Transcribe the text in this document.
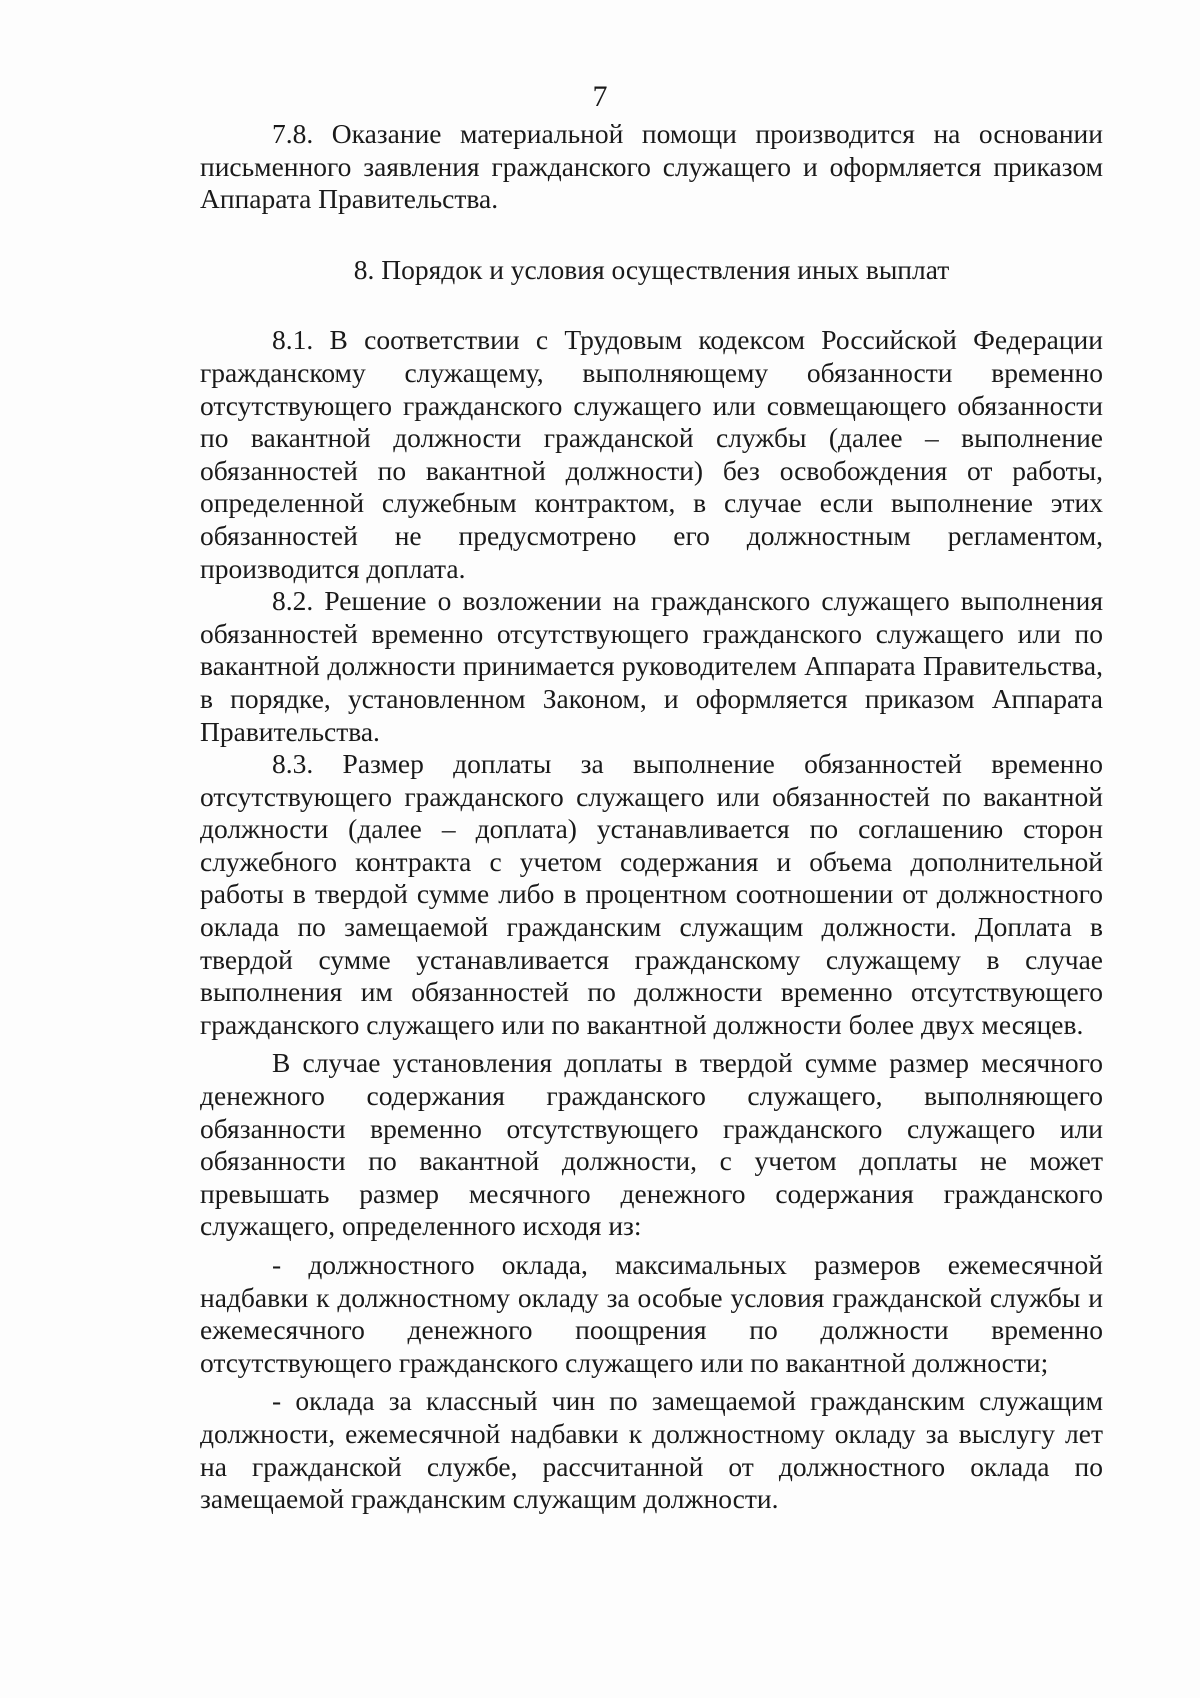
7

7.8. Оказание материальной помощи производится на основании письменного заявления гражданского служащего и оформляется приказом Аппарата Правительства.

8. Порядок и условия осуществления иных выплат

8.1. В соответствии с Трудовым кодексом Российской Федерации гражданскому служащему, выполняющему обязанности временно отсутствующего гражданского служащего или совмещающего обязанности по вакантной должности гражданской службы (далее – выполнение обязанностей по вакантной должности) без освобождения от работы, определенной служебным контрактом, в случае если выполнение этих обязанностей не предусмотрено его должностным регламентом, производится доплата.

8.2. Решение о возложении на гражданского служащего выполнения обязанностей временно отсутствующего гражданского служащего или по вакантной должности принимается руководителем Аппарата Правительства, в порядке, установленном Законом, и оформляется приказом Аппарата Правительства.

8.3. Размер доплаты за выполнение обязанностей временно отсутствующего гражданского служащего или обязанностей по вакантной должности (далее – доплата) устанавливается по соглашению сторон служебного контракта с учетом содержания и объема дополнительной работы в твердой сумме либо в процентном соотношении от должностного оклада по замещаемой гражданским служащим должности. Доплата в твердой сумме устанавливается гражданскому служащему в случае выполнения им обязанностей по должности временно отсутствующего гражданского служащего или по вакантной должности более двух месяцев.

В случае установления доплаты в твердой сумме размер месячного денежного содержания гражданского служащего, выполняющего обязанности временно отсутствующего гражданского служащего или обязанности по вакантной должности, с учетом доплаты не может превышать размер месячного денежного содержания гражданского служащего, определенного исходя из:

- должностного оклада, максимальных размеров ежемесячной надбавки к должностному окладу за особые условия гражданской службы и ежемесячного денежного поощрения по должности временно отсутствующего гражданского служащего или по вакантной должности;

- оклада за классный чин по замещаемой гражданским служащим должности, ежемесячной надбавки к должностному окладу за выслугу лет на гражданской службе, рассчитанной от должностного оклада по замещаемой гражданским служащим должности.
